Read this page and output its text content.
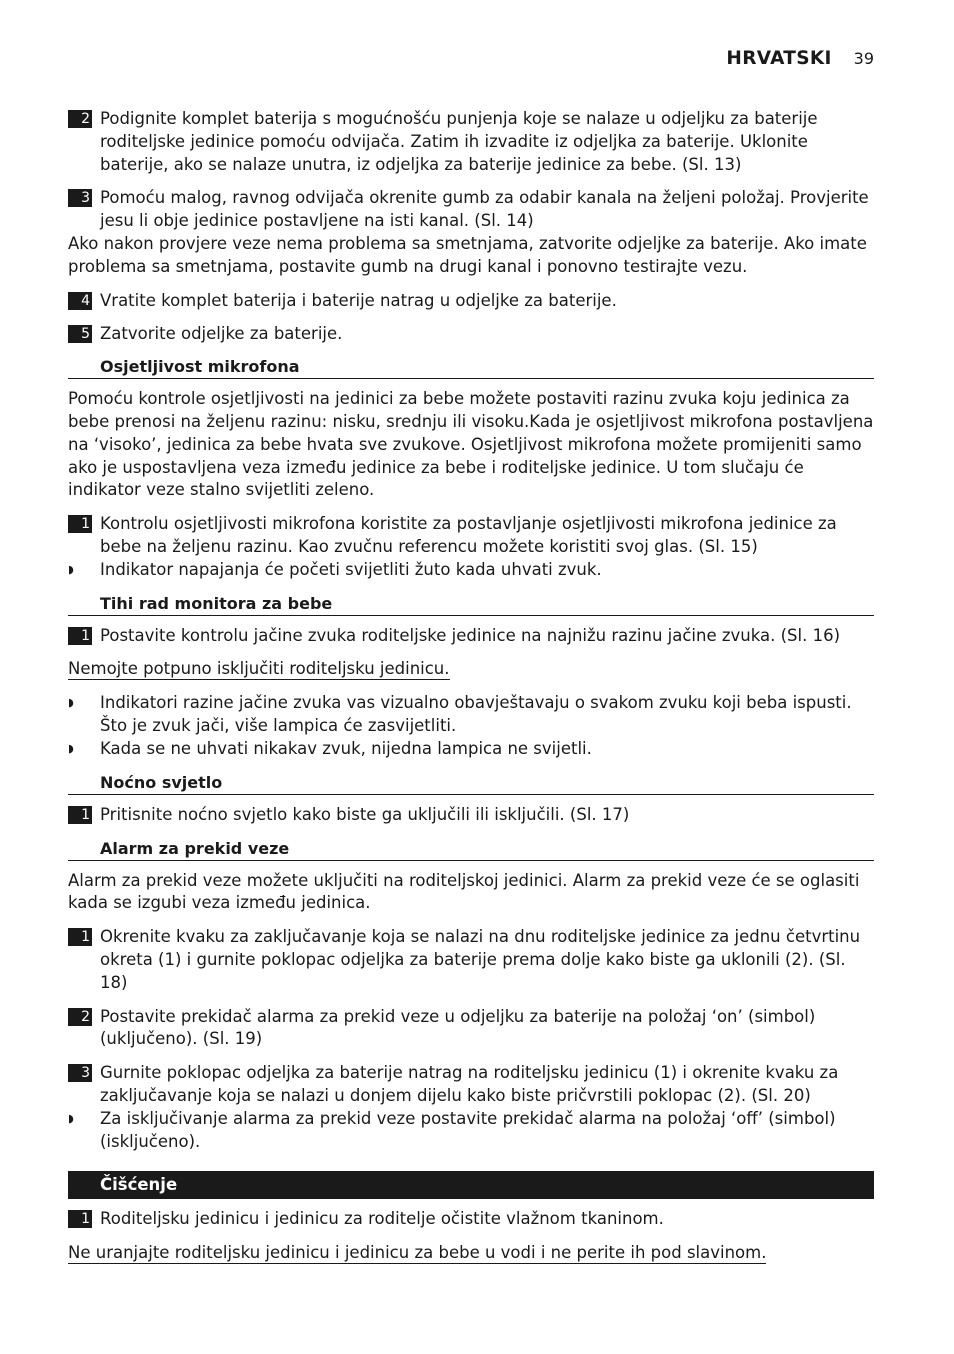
HRVATSKI 39
2 Podignite komplet baterija s mogućnošću punjenja koje se nalaze u odjeljku za baterije roditeljske jedinice pomoću odvijača. Zatim ih izvadite iz odjeljka za baterije. Uklonite baterije, ako se nalaze unutra, iz odjeljka za baterije jedinice za bebe. (Sl. 13)
3 Pomoću malog, ravnog odvijača okrenite gumb za odabir kanala na željeni položaj. Provjerite jesu li obje jedinice postavljene na isti kanal. (Sl. 14)
Ako nakon provjere veze nema problema sa smetnjama, zatvorite odjeljke za baterije. Ako imate problema sa smetnjama, postavite gumb na drugi kanal i ponovno testirajte vezu.
4 Vratite komplet baterija i baterije natrag u odjeljke za baterije.
5 Zatvorite odjeljke za baterije.
Osjetljivost mikrofona
Pomoću kontrole osjetljivosti na jedinici za bebe možete postaviti razinu zvuka koju jedinica za bebe prenosi na željenu razinu: nisku, srednju ili visoku.Kada je osjetljivost mikrofona postavljena na ‘visoko’, jedinica za bebe hvata sve zvukove. Osjetljivost mikrofona možete promijeniti samo ako je uspostavljena veza između jedinice za bebe i roditeljske jedinice. U tom slučaju će indikator veze stalno svijetliti zeleno.
1 Kontrolu osjetljivosti mikrofona koristite za postavljanje osjetljivosti mikrofona jedinice za bebe na željenu razinu. Kao zvučnu referencu možete koristiti svoj glas. (Sl. 15)
◗	Indikator napajanja će početi svijetliti žuto kada uhvati zvuk.
Tihi rad monitora za bebe
1 Postavite kontrolu jačine zvuka roditeljske jedinice na najnižu razinu jačine zvuka. (Sl. 16)
Nemojte potpuno isključiti roditeljsku jedinicu.
◗	Indikatori razine jačine zvuka vas vizualno obavještavaju o svakom zvuku koji beba ispusti. Što je zvuk jači, više lampica će zasvijetliti.
◗	Kada se ne uhvati nikakav zvuk, nijedna lampica ne svijetli.
Noćno svjetlo
1 Pritisnite noćno svjetlo kako biste ga uključili ili isključili. (Sl. 17)
Alarm za prekid veze
Alarm za prekid veze možete uključiti na roditeljskoj jedinici. Alarm za prekid veze će se oglasiti kada se izgubi veza između jedinica.
1 Okrenite kvaku za zaključavanje koja se nalazi na dnu roditeljske jedinice za jednu četvrtinu okreta (1) i gurnite poklopac odjeljka za baterije prema dolje kako biste ga uklonili (2). (Sl. 18)
2 Postavite prekidač alarma za prekid veze u odjeljku za baterije na položaj ‘on’ (simbol) (uključeno). (Sl. 19)
3 Gurnite poklopac odjeljka za baterije natrag na roditeljsku jedinicu (1) i okrenite kvaku za zaključavanje koja se nalazi u donjem dijelu kako biste pričvrstili poklopac (2). (Sl. 20)
◗	Za isključivanje alarma za prekid veze postavite prekidač alarma na položaj ‘off’ (simbol) (isključeno).
Čišćenje
1 Roditeljsku jedinicu i jedinicu za roditelje očistite vlažnom tkaninom.
Ne uranjajte roditeljsku jedinicu i jedinicu za bebe u vodi i ne perite ih pod slavinom.
